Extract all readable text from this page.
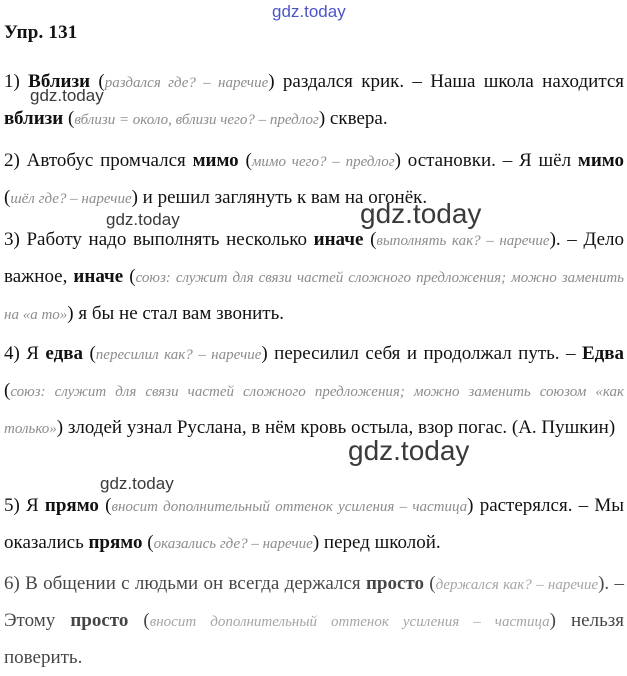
gdz.today
gdz.today
gdz.today	gdz.today
gdz.today
gdz.today
Упр. 131
1) Вблизи (раздался где? – наречие) раздался крик. – Наша школа находится вблизи (вблизи = около, вблизи чего? – предлог) сквера.
2) Автобус промчался мимо (мимо чего? – предлог) остановки. – Я шёл мимо (шёл где? – наречие) и решил заглянуть к вам на огонёк.
3) Работу надо выполнять несколько иначе (выполнять как? – наречие). – Дело важное, иначе (союз: служит для связи частей сложного предложения; можно заменить на «а то») я бы не стал вам звонить.
4) Я едва (пересилил как? – наречие) пересилил себя и продолжал путь. – Едва (союз: служит для связи частей сложного предложения; можно заменить союзом «как только») злодей узнал Руслана, в нём кровь остыла, взор погас. (А. Пушкин)
5) Я прямо (вносит дополнительный оттенок усиления – частица) растерялся. – Мы оказались прямо (оказались где? – наречие) перед школой.
6) В общении с людьми он всегда держался просто (держался как? – наречие). – Этому просто (вносит дополнительный оттенок усиления – частица) нельзя поверить.
